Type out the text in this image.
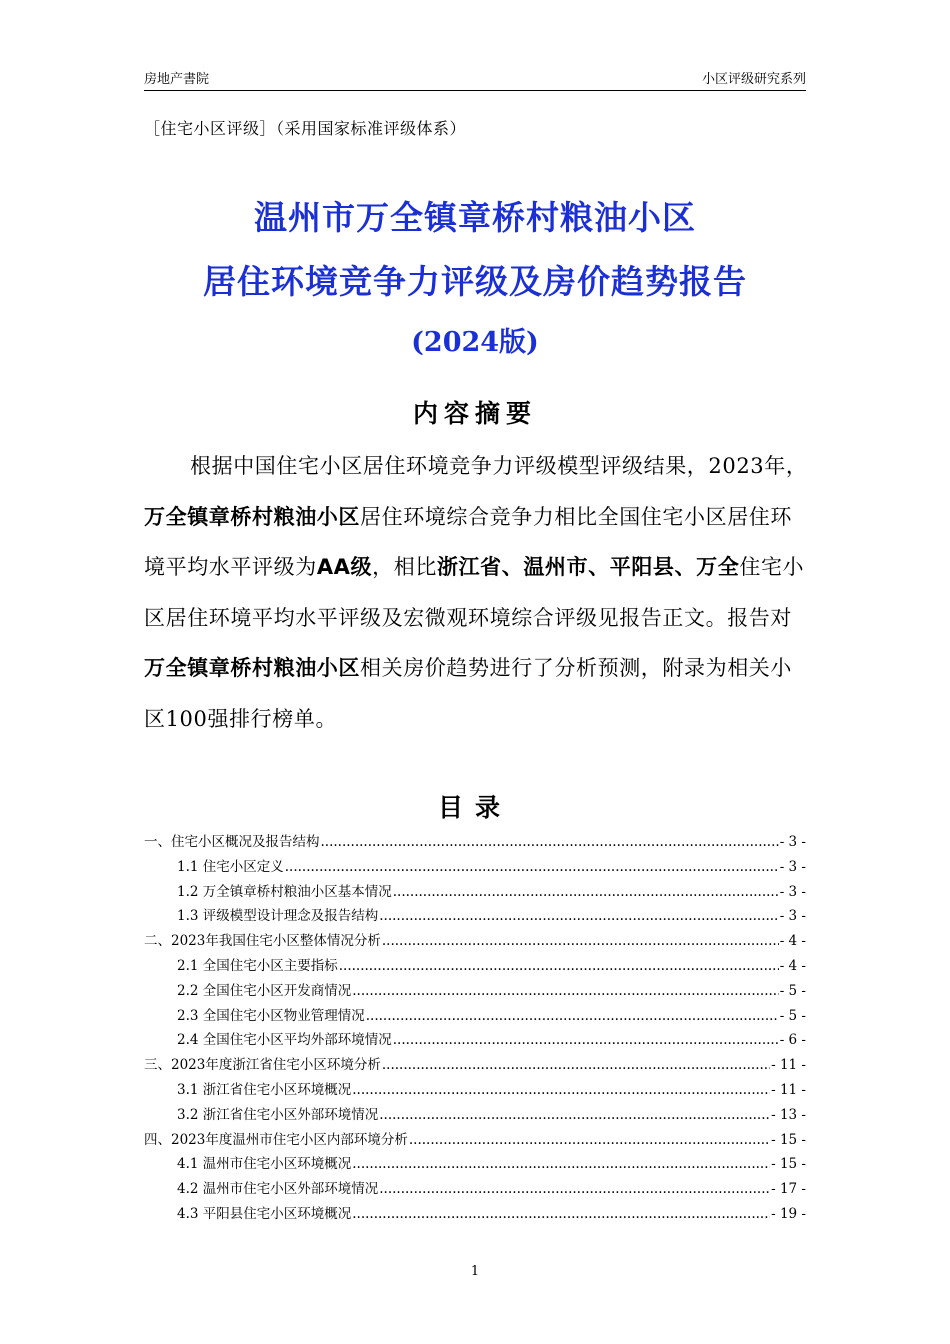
房地产書院	小区评级研究系列
［住宅小区评级］（采用国家标准评级体系）
温州市万全镇章桥村粮油小区
居住环境竞争力评级及房价趋势报告
(2024版)
内容摘要
根据中国住宅小区居住环境竞争力评级模型评级结果，2023年，万全镇章桥村粮油小区居住环境综合竞争力相比全国住宅小区居住环境平均水平评级为AA级，相比浙江省、温州市、平阳县、万全住宅小区居住环境平均水平评级及宏微观环境综合评级见报告正文。报告对万全镇章桥村粮油小区相关房价趋势进行了分析预测，附录为相关小区100强排行榜单。
目录
一、住宅小区概况及报告结构 .....	- 3 -
1.1 住宅小区定义 .....	- 3 -
1.2 万全镇章桥村粮油小区基本情况 .....	- 3 -
1.3 评级模型设计理念及报告结构 .....	- 3 -
二、2023年我国住宅小区整体情况分析 .....	- 4 -
2.1 全国住宅小区主要指标 .....	- 4 -
2.2 全国住宅小区开发商情况 .....	- 5 -
2.3 全国住宅小区物业管理情况 .....	- 5 -
2.4 全国住宅小区平均外部环境情况 .....	- 6 -
三、2023年度浙江省住宅小区环境分析 .....	- 11 -
3.1 浙江省住宅小区环境概况 .....	- 11 -
3.2 浙江省住宅小区外部环境情况 .....	- 13 -
四、2023年度温州市住宅小区内部环境分析 .....	- 15 -
4.1 温州市住宅小区环境概况 .....	- 15 -
4.2 温州市住宅小区外部环境情况 .....	- 17 -
4.3 平阳县住宅小区环境概况 .....	- 19 -
1
